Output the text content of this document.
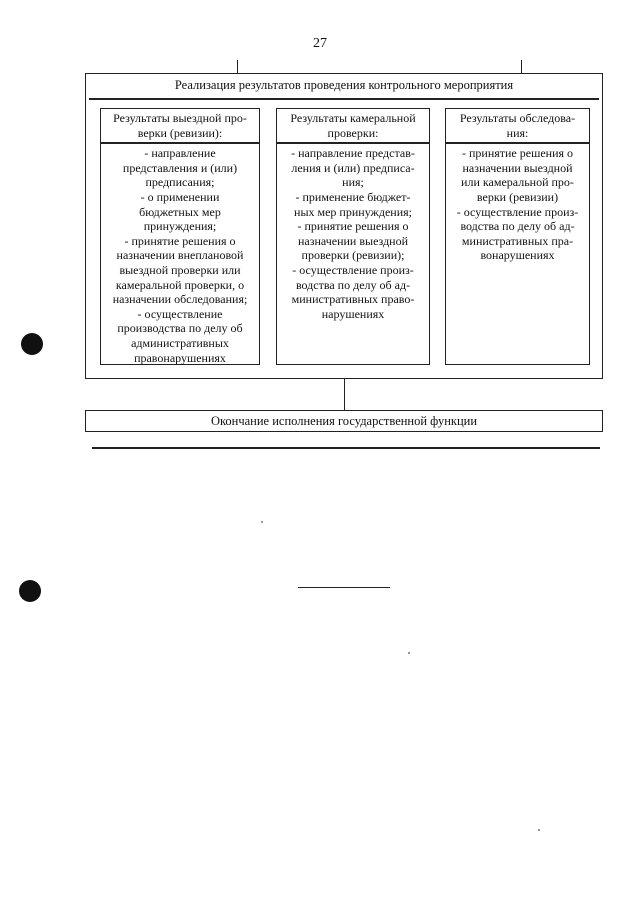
27
Реализация результатов проведения контрольного мероприятия
Результаты выездной про-
верки (ревизии):
- направление
представления и (или)
предписания;
- о применении
бюджетных мер
принуждения;
- принятие решения о
назначении внеплановой
выездной проверки или
камеральной проверки, о
назначении обследования;
- осуществление
производства по делу об
административных
правонарушениях
Результаты камеральной
проверки:
- направление представ-
ления и (или) предписа-
ния;
- применение бюджет-
ных мер принуждения;
- принятие решения о
назначении выездной
проверки (ревизии);
- осуществление произ-
водства по делу об ад-
министративных право-
нарушениях
Результаты обследова-
ния:
- принятие решения о
назначении выездной
или камеральной про-
верки (ревизии)
- осуществление произ-
водства по делу об ад-
министративных пра-
вонарушениях
Окончание исполнения государственной функции
